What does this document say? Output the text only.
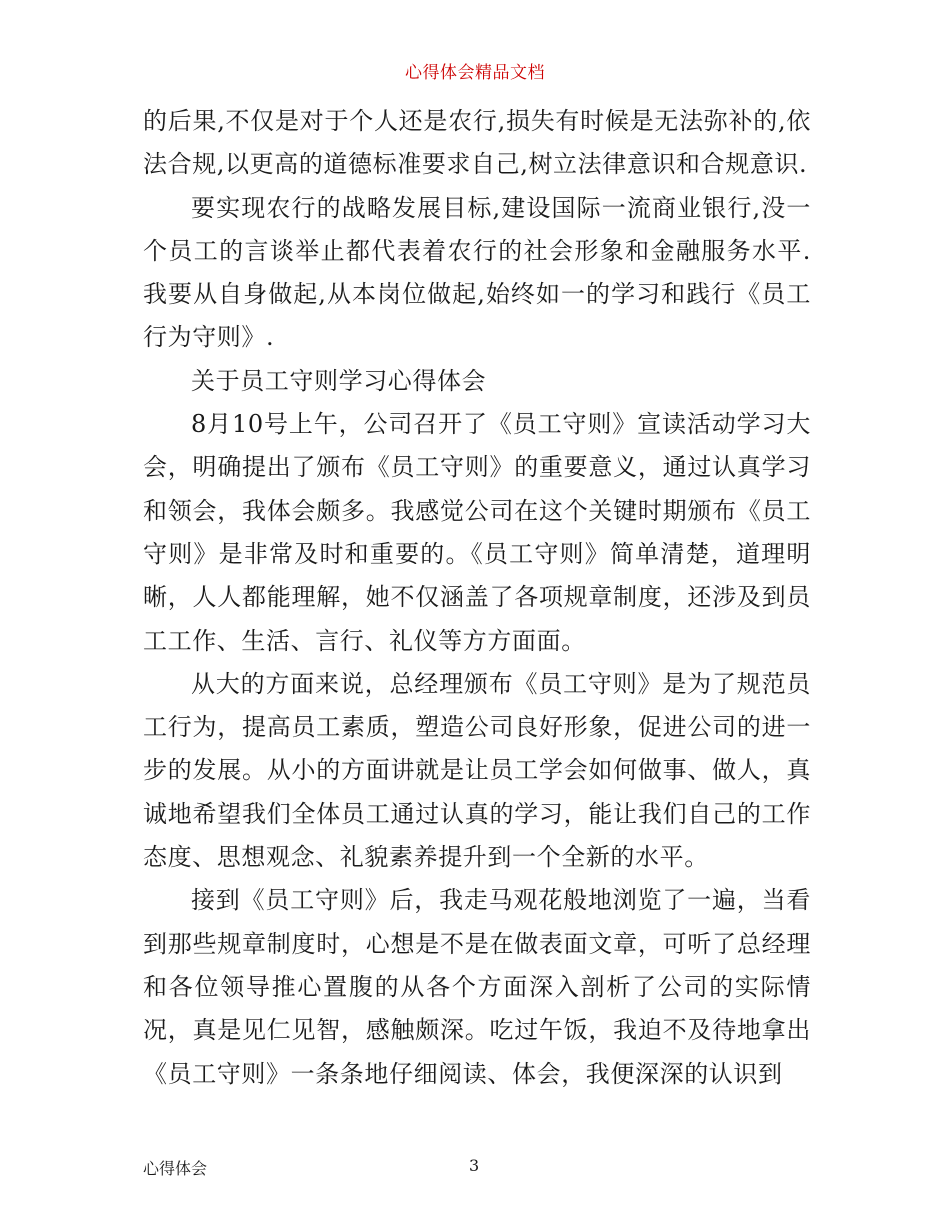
心得体会精品文档

的后果,不仅是对于个人还是农行,损失有时候是无法弥补的,依法合规,以更高的道德标准要求自己,树立法律意识和合规意识.

要实现农行的战略发展目标,建设国际一流商业银行,没一个员工的言谈举止都代表着农行的社会形象和金融服务水平.我要从自身做起,从本岗位做起,始终如一的学习和践行《员工行为守则》.

关于员工守则学习心得体会

8月10号上午，公司召开了《员工守则》宣读活动学习大会，明确提出了颁布《员工守则》的重要意义，通过认真学习和领会，我体会颇多。我感觉公司在这个关键时期颁布《员工守则》是非常及时和重要的。《员工守则》简单清楚，道理明晰，人人都能理解，她不仅涵盖了各项规章制度，还涉及到员工工作、生活、言行、礼仪等方方面面。

从大的方面来说，总经理颁布《员工守则》是为了规范员工行为，提高员工素质，塑造公司良好形象，促进公司的进一步的发展。从小的方面讲就是让员工学会如何做事、做人，真诚地希望我们全体员工通过认真的学习，能让我们自己的工作态度、思想观念、礼貌素养提升到一个全新的水平。

接到《员工守则》后，我走马观花般地浏览了一遍，当看到那些规章制度时，心想是不是在做表面文章，可听了总经理和各位领导推心置腹的从各个方面深入剖析了公司的实际情况，真是见仁见智，感触颇深。吃过午饭，我迫不及待地拿出《员工守则》一条条地仔细阅读、体会，我便深深的认识到

心得体会	3
